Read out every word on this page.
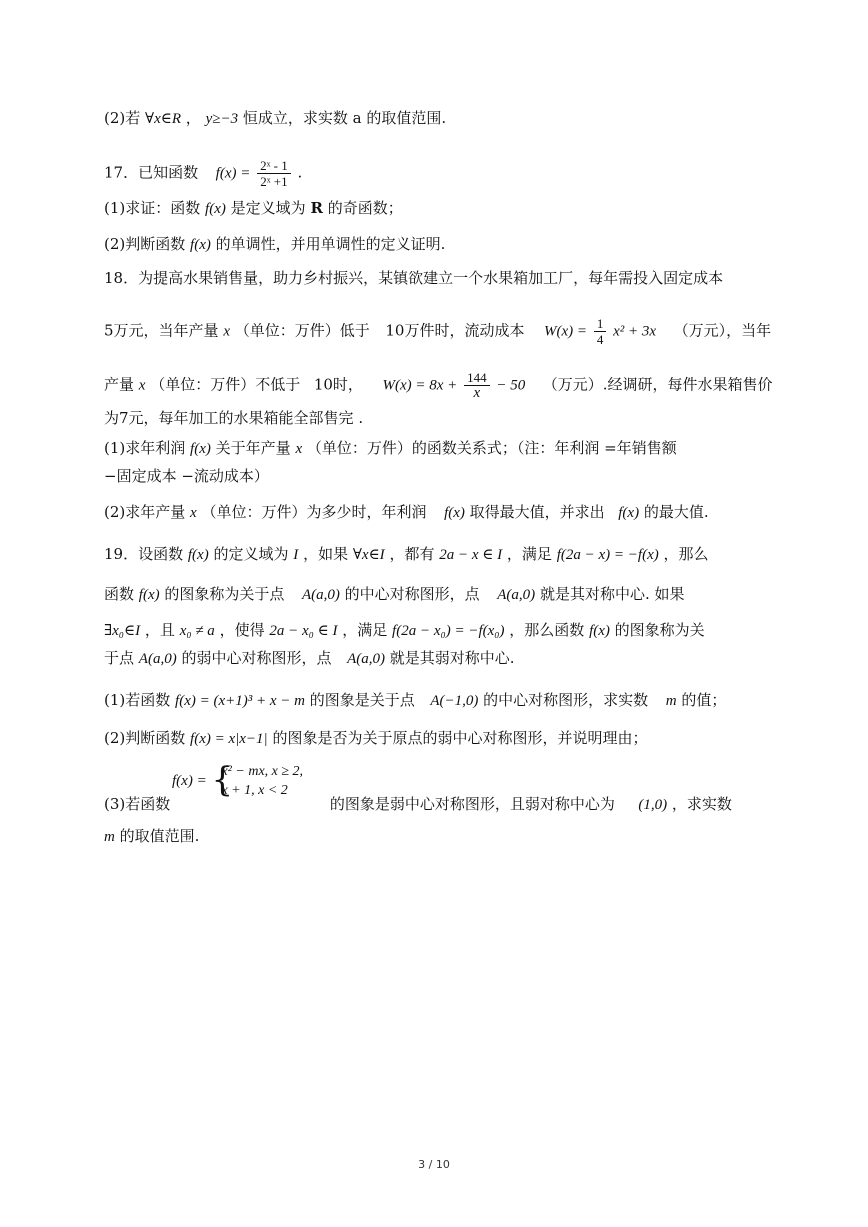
(2)若 ∀x∈R ， y≥−3 恒成立，求实数 a 的取值范围.
17．已知函数 $f(x) = \frac{\text{2ˣ - 1}}{\text{2ˣ +1}}$ .
(1)求证：函数 f(x) 是定义域为 R 的奇函数；
(2)判断函数 f(x) 的单调性，并用单调性的定义证明.
18．为提高水果销售量，助力乡村振兴，某镇欲建立一个水果箱加工厂，每年需投入固定成本
5万元，当年产量 x （单位：万件）低于 10万件时，流动成本 $W(x) = \frac{1}{4} x^2 + 3x$ （万元），当年
产量 x （单位：万件）不低于 10时， $W(x) = 8x + \frac{144}{x} - 50$ （万元）.经调研，每件水果箱售价
为7元，每年加工的水果箱能全部售完 .
(1)求年利润 f(x) 关于年产量 x （单位：万件）的函数关系式；（注：年利润 =年销售额
−固定成本 −流动成本）
(2)求年产量 x （单位：万件）为多少时，年利润 f(x) 取得最大值，并求出 f(x) 的最大值.
19．设函数 f(x) 的定义域为 I ，如果 ∀x∈I ，都有 2a − x ∈ I ，满足 f(2a − x) = −f(x) ，那么
函数 f(x) 的图象称为关于点 A(a,0) 的中心对称图形，点 A(a,0) 就是其对称中心. 如果
∃x₀∈I ，且 x₀ ≠ a ，使得 2a − x₀ ∈ I ，满足 f(2a − x₀) = −f(x₀) ，那么函数 f(x) 的图象称为关
于点 A(a,0) 的弱中心对称图形，点 A(a,0) 就是其弱对称中心.
(1)若函数 f(x) = (x+1)³ + x − m 的图象是关于点 A(−1,0) 的中心对称图形，求实数 m 的值；
(2)判断函数 f(x) = x|x−1| 的图象是否为关于原点的弱中心对称图形，并说明理由；
f(x) = {
x² − mx, x ≥ 2,
x + 1, x < 2
(3)若函数	的图象是弱中心对称图形，且弱对称中心为 (1,0) ，求实数
m 的取值范围.
3 / 10
